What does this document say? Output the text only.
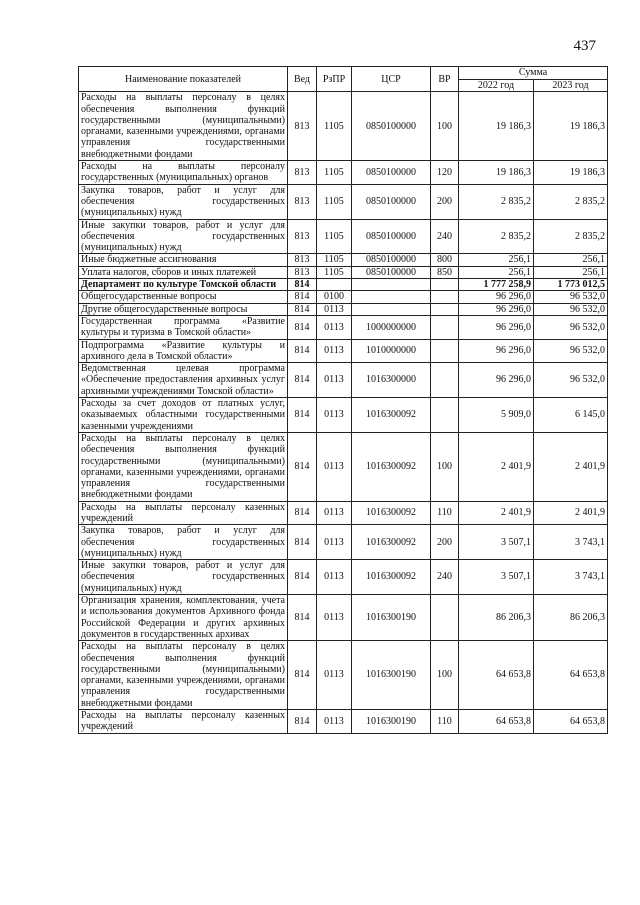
437
Наименование показателей	Вед	РзПР	ЦСР	ВР	Сумма	
					2022 год	2023 год
Расходы на выплаты персоналу в целях обеспечения выполнения функций государственными (муниципальными) органами, казенными учреждениями, органами управления государственными внебюджетными фондами	813	1105	0850100000	100	19 186,3	19 186,3
Расходы на выплаты персоналу государственных (муниципальных) органов	813	1105	0850100000	120	19 186,3	19 186,3
Закупка товаров, работ и услуг для обеспечения государственных (муниципальных) нужд	813	1105	0850100000	200	2 835,2	2 835,2
Иные закупки товаров, работ и услуг для обеспечения государственных (муниципальных) нужд	813	1105	0850100000	240	2 835,2	2 835,2
Иные бюджетные ассигнования	813	1105	0850100000	800	256,1	256,1
Уплата налогов, сборов и иных платежей	813	1105	0850100000	850	256,1	256,1
Департамент по культуре Томской области	814				1 777 258,9	1 773 012,5
Общегосударственные вопросы	814	0100			96 296,0	96 532,0
Другие общегосударственные вопросы	814	0113			96 296,0	96 532,0
Государственная программа «Развитие культуры и туризма в Томской области»	814	0113	1000000000		96 296,0	96 532,0
Подпрограмма «Развитие культуры и архивного дела в Томской области»	814	0113	1010000000		96 296,0	96 532,0
Ведомственная целевая программа «Обеспечение предоставления архивных услуг архивными учреждениями Томской области»	814	0113	1016300000		96 296,0	96 532,0
Расходы за счет доходов от платных услуг, оказываемых областными государственными казенными учреждениями	814	0113	1016300092		5 909,0	6 145,0
Расходы на выплаты персоналу в целях обеспечения выполнения функций государственными (муниципальными) органами, казенными учреждениями, органами управления государственными внебюджетными фондами	814	0113	1016300092	100	2 401,9	2 401,9
Расходы на выплаты персоналу казенных учреждений	814	0113	1016300092	110	2 401,9	2 401,9
Закупка товаров, работ и услуг для обеспечения государственных (муниципальных) нужд	814	0113	1016300092	200	3 507,1	3 743,1
Иные закупки товаров, работ и услуг для обеспечения государственных (муниципальных) нужд	814	0113	1016300092	240	3 507,1	3 743,1
Организация хранения, комплектования, учета и использования документов Архивного фонда Российской Федерации и других архивных документов в государственных архивах	814	0113	1016300190		86 206,3	86 206,3
Расходы на выплаты персоналу в целях обеспечения выполнения функций государственными (муниципальными) органами, казенными учреждениями, органами управления государственными внебюджетными фондами	814	0113	1016300190	100	64 653,8	64 653,8
Расходы на выплаты персоналу казенных учреждений	814	0113	1016300190	110	64 653,8	64 653,8
